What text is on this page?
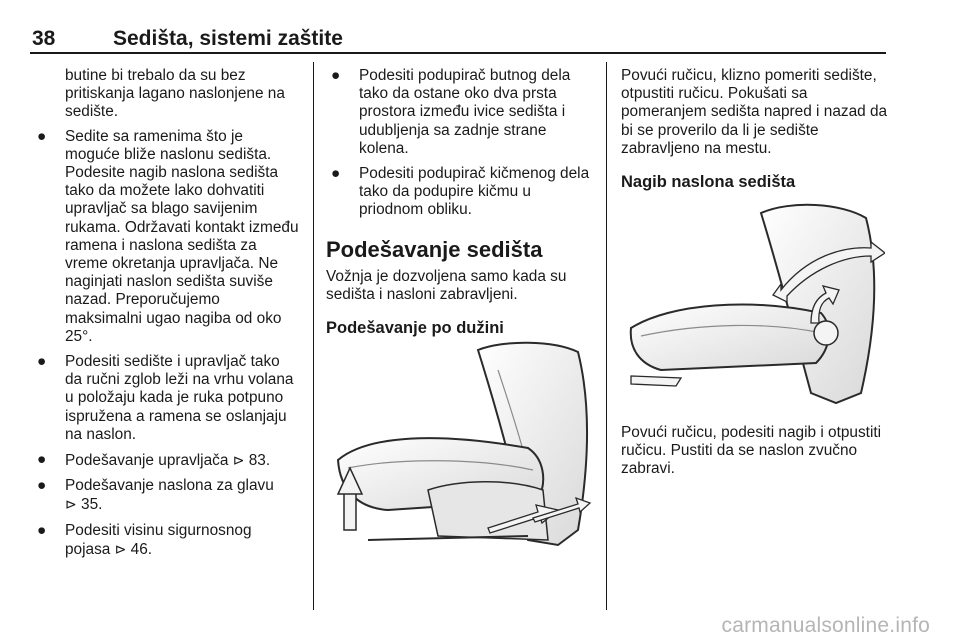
38	Sedišta, sistemi zaštite

butine bi trebalo da su bez pritiskanja lagano naslonjene na sedište.

● Sedite sa ramenima što je moguće bliže naslonu sedišta. Podesite nagib naslona sedišta tako da možete lako dohvatiti upravljač sa blago savijenim rukama. Održavati kontakt između ramena i naslona sedišta za vreme okretanja upravljača. Ne naginjati naslon sedišta suviše nazad. Preporučujemo maksimalni ugao nagiba od oko 25°.
● Podesiti sedište i upravljač tako da ručni zglob leži na vrhu volana u položaju kada je ruka potpuno ispružena a ramena se oslanjaju na naslon.
● Podešavanje upravljača ⊳ 83.
● Podešavanje naslona za glavu
⊳ 35.
● Podesiti visinu sigurnosnog pojasa ⊳ 46.
● Podesiti podupirač butnog dela tako da ostane oko dva prsta prostora između ivice sedišta i udubljenja sa zadnje strane kolena.
● Podesiti podupirač kičmenog dela tako da podupire kičmu u priodnom obliku.
Podešavanje sedišta

Vožnja je dozvoljena samo kada su sedišta i nasloni zabravljeni.

Podešavanje po dužini

Povući ručicu, klizno pomeriti sedište, otpustiti ručicu. Pokušati sa pomeranjem sedišta napred i nazad da bi se proverilo da li je sedište zabravljeno na mestu.

Nagib naslona sedišta

Povući ručicu, podesiti nagib i otpustiti ručicu. Pustiti da se naslon zvučno zabravi.

carmanualsonline.info
